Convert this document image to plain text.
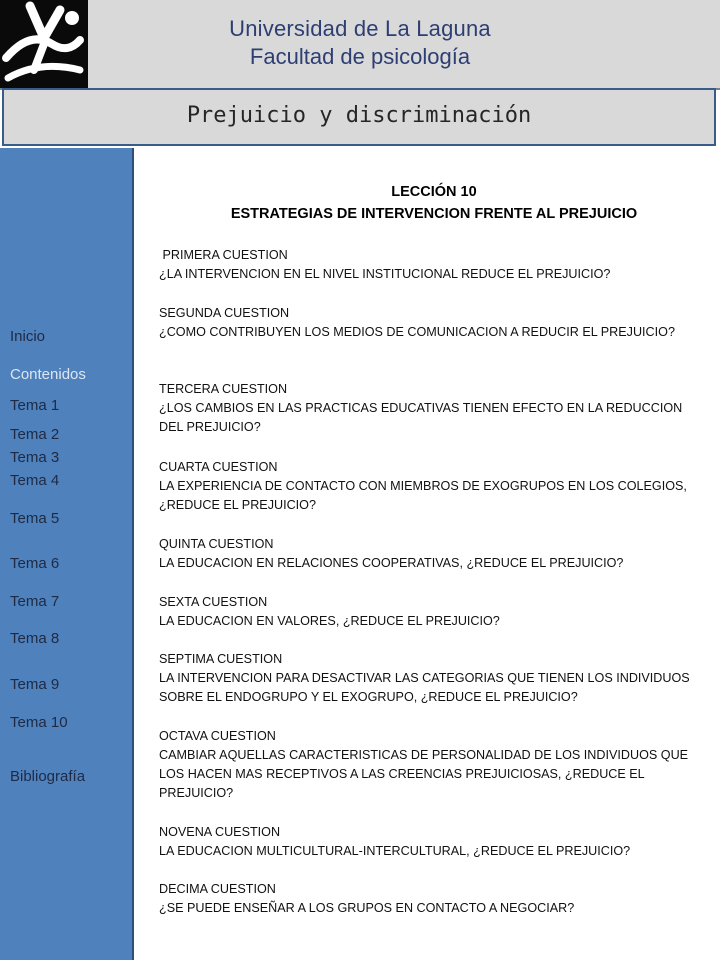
Universidad de La Laguna
Facultad de psicología
Prejuicio y discriminación
Inicio
Contenidos
Tema 1
Tema 2
Tema 3
Tema 4
Tema 5
Tema 6
Tema 7
Tema 8
Tema 9
Tema 10
Bibliografía
LECCIÓN 10
ESTRATEGIAS DE INTERVENCION FRENTE AL PREJUICIO
PRIMERA CUESTION
¿LA INTERVENCION EN EL NIVEL INSTITUCIONAL REDUCE EL PREJUICIO?
SEGUNDA CUESTION
¿COMO CONTRIBUYEN LOS MEDIOS DE COMUNICACION A REDUCIR EL PREJUICIO?
TERCERA CUESTION
¿LOS CAMBIOS EN LAS PRACTICAS EDUCATIVAS TIENEN EFECTO EN LA REDUCCION DEL PREJUICIO?
CUARTA CUESTION
LA EXPERIENCIA DE CONTACTO CON MIEMBROS DE EXOGRUPOS EN LOS COLEGIOS, ¿REDUCE EL PREJUICIO?
QUINTA CUESTION
LA EDUCACION EN RELACIONES COOPERATIVAS, ¿REDUCE EL PREJUICIO?
SEXTA CUESTION
LA EDUCACION EN VALORES, ¿REDUCE EL PREJUICIO?
SEPTIMA CUESTION
LA INTERVENCION PARA DESACTIVAR LAS CATEGORIAS QUE TIENEN LOS INDIVIDUOS SOBRE EL ENDOGRUPO Y EL EXOGRUPO, ¿REDUCE EL PREJUICIO?
OCTAVA CUESTION
CAMBIAR AQUELLAS CARACTERISTICAS DE PERSONALIDAD DE LOS INDIVIDUOS QUE LOS HACEN MAS RECEPTIVOS A LAS CREENCIAS PREJUICIOSAS, ¿REDUCE EL PREJUICIO?
NOVENA CUESTION
LA EDUCACION MULTICULTURAL-INTERCULTURAL, ¿REDUCE EL PREJUICIO?
DECIMA CUESTION
¿SE PUEDE ENSEÑAR A LOS GRUPOS EN CONTACTO A NEGOCIAR?
